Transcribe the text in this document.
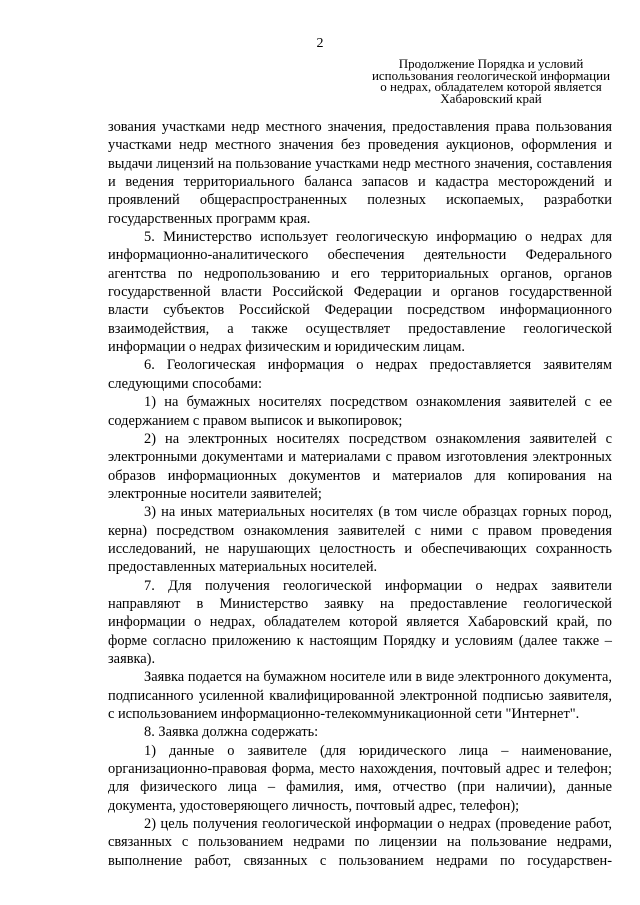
2
Продолжение Порядка и условий
использования геологической информации
о недрах, обладателем которой является
Хабаровский край

зования участками недр местного значения, предоставления права пользования участками недр местного значения без проведения аукционов, оформления и выдачи лицензий на пользование участками недр местного значения, составления и ведения территориального баланса запасов и кадастра месторождений и проявлений общераспространенных полезных ископаемых, разработки государственных программ края.

5. Министерство использует геологическую информацию о недрах для информационно-аналитического обеспечения деятельности Федерального агентства по недропользованию и его территориальных органов, органов государственной власти Российской Федерации и органов государственной власти субъектов Российской Федерации посредством информационного взаимодействия, а также осуществляет предоставление геологической информации о недрах физическим и юридическим лицам.

6. Геологическая информация о недрах предоставляется заявителям следующими способами:

1) на бумажных носителях посредством ознакомления заявителей с ее содержанием с правом выписок и выкопировок;

2) на электронных носителях посредством ознакомления заявителей с электронными документами и материалами с правом изготовления электронных образов информационных документов и материалов для копирования на электронные носители заявителей;

3) на иных материальных носителях (в том числе образцах горных пород, керна) посредством ознакомления заявителей с ними с правом проведения исследований, не нарушающих целостность и обеспечивающих сохранность предоставленных материальных носителей.

7. Для получения геологической информации о недрах заявители направляют в Министерство заявку на предоставление геологической информации о недрах, обладателем которой является Хабаровский край, по форме согласно приложению к настоящим Порядку и условиям (далее также – заявка).

Заявка подается на бумажном носителе или в виде электронного документа, подписанного усиленной квалифицированной электронной подписью заявителя, с использованием информационно-телекоммуникационной сети "Интернет".

8. Заявка должна содержать:

1) данные о заявителе (для юридического лица – наименование, организационно-правовая форма, место нахождения, почтовый адрес и телефон; для физического лица – фамилия, имя, отчество (при наличии), данные документа, удостоверяющего личность, почтовый адрес, телефон);

2) цель получения геологической информации о недрах (проведение работ, связанных с пользованием недрами по лицензии на пользование недрами, выполнение работ, связанных с пользованием недрами по государствен-
